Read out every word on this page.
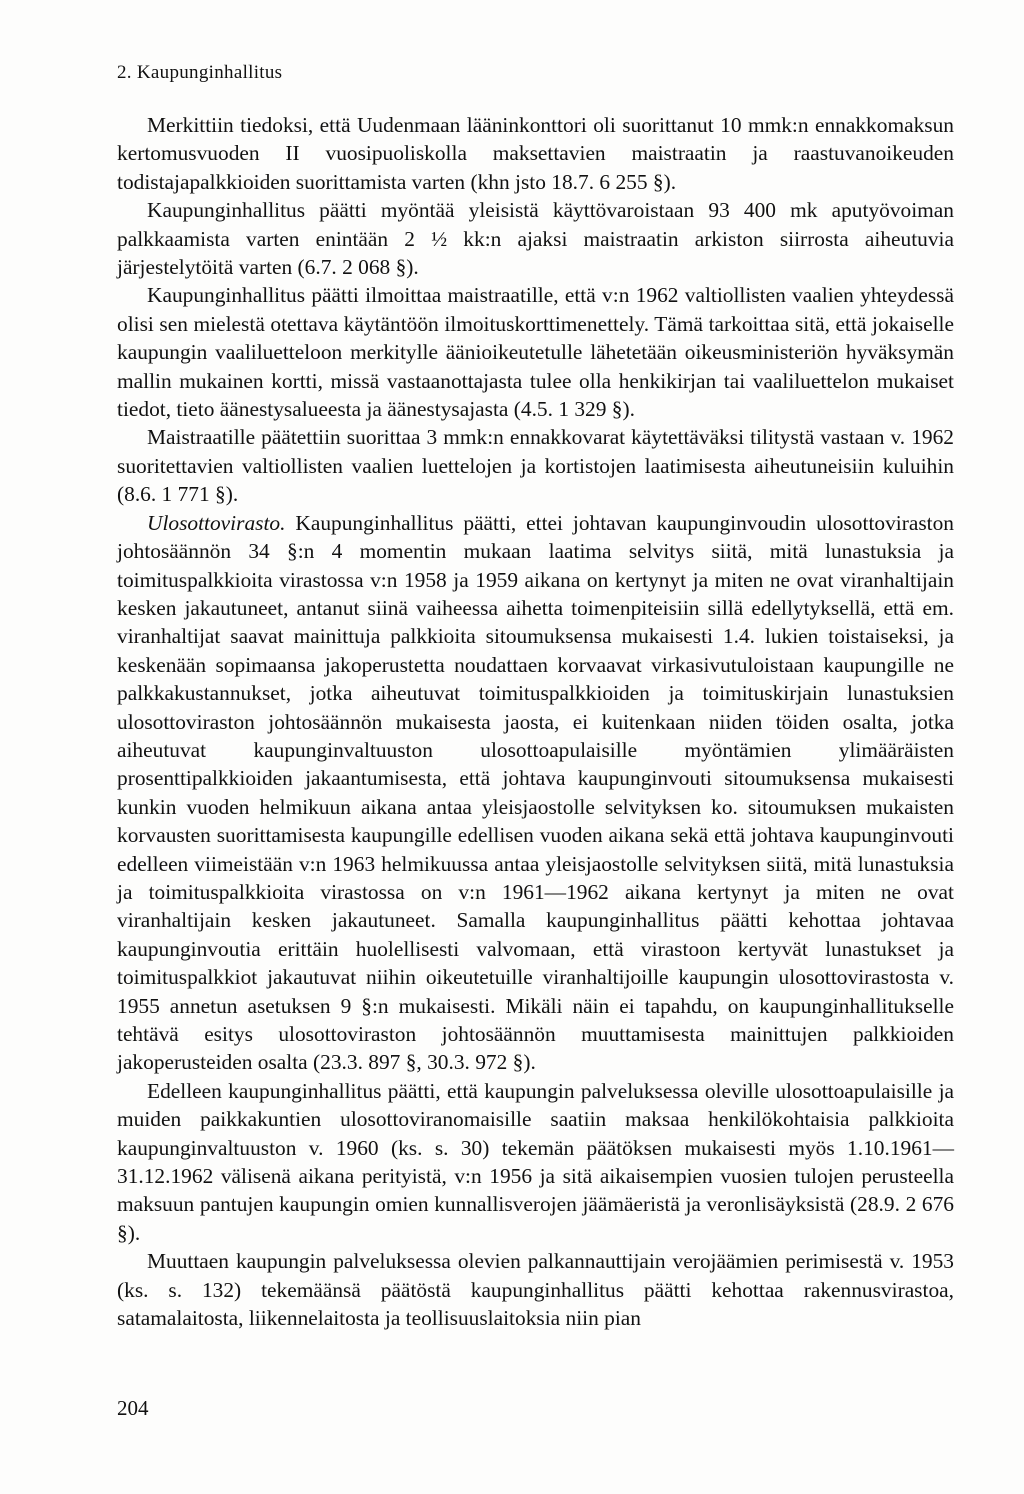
2. Kaupunginhallitus

Merkittiin tiedoksi, että Uudenmaan lääninkonttori oli suorittanut 10 mmk:n ennakkomaksun kertomusvuoden II vuosipuoliskolla maksettavien maistraatin ja raastuvanoikeuden todistajapalkkioiden suorittamista varten (khn jsto 18.7. 6 255 §).

Kaupunginhallitus päätti myöntää yleisistä käyttövaroistaan 93 400 mk aputyövoiman palkkaamista varten enintään 2 ½ kk:n ajaksi maistraatin arkiston siirrosta aiheutuvia järjestelytöitä varten (6.7. 2 068 §).

Kaupunginhallitus päätti ilmoittaa maistraatille, että v:n 1962 valtiollisten vaalien yhteydessä olisi sen mielestä otettava käytäntöön ilmoituskorttimenettely. Tämä tarkoittaa sitä, että jokaiselle kaupungin vaaliluetteloon merkitylle äänioikeutetulle lähetetään oikeusministeriön hyväksymän mallin mukainen kortti, missä vastaanottajasta tulee olla henkikirjan tai vaaliluettelon mukaiset tiedot, tieto äänestysalueesta ja äänestysajasta (4.5. 1 329 §).

Maistraatille päätettiin suorittaa 3 mmk:n ennakkovarat käytettäväksi tilitystä vastaan v. 1962 suoritettavien valtiollisten vaalien luettelojen ja kortistojen laatimisesta aiheutuneisiin kuluihin (8.6. 1 771 §).

Ulosottovirasto. Kaupunginhallitus päätti, ettei johtavan kaupunginvoudin ulosottoviraston johtosäännön 34 §:n 4 momentin mukaan laatima selvitys siitä, mitä lunastuksia ja toimituspalkkioita virastossa v:n 1958 ja 1959 aikana on kertynyt ja miten ne ovat viranhaltijain kesken jakautuneet, antanut siinä vaiheessa aihetta toimenpiteisiin sillä edellytyksellä, että em. viranhaltijat saavat mainittuja palkkioita sitoumuksensa mukaisesti 1.4. lukien toistaiseksi, ja keskenään sopimaansa jakoperustetta noudattaen korvaavat virkasivutuloistaan kaupungille ne palkkakustannukset, jotka aiheutuvat toimituspalkkioiden ja toimituskirjain lunastuksien ulosottoviraston johtosäännön mukaisesta jaosta, ei kuitenkaan niiden töiden osalta, jotka aiheutuvat kaupunginvaltuuston ulosottoapulaisille myöntämien ylimääräisten prosenttipalkkioiden jakaantumisesta, että johtava kaupunginvouti sitoumuksensa mukaisesti kunkin vuoden helmikuun aikana antaa yleisjaostolle selvityksen ko. sitoumuksen mukaisten korvausten suorittamisesta kaupungille edellisen vuoden aikana sekä että johtava kaupunginvouti edelleen viimeistään v:n 1963 helmikuussa antaa yleisjaostolle selvityksen siitä, mitä lunastuksia ja toimituspalkkioita virastossa on v:n 1961—1962 aikana kertynyt ja miten ne ovat viranhaltijain kesken jakautuneet. Samalla kaupunginhallitus päätti kehottaa johtavaa kaupunginvoutia erittäin huolellisesti valvomaan, että virastoon kertyvät lunastukset ja toimituspalkkiot jakautuvat niihin oikeutetuille viranhaltijoille kaupungin ulosottovirastosta v. 1955 annetun asetuksen 9 §:n mukaisesti. Mikäli näin ei tapahdu, on kaupunginhallitukselle tehtävä esitys ulosottoviraston johtosäännön muuttamisesta mainittujen palkkioiden jakoperusteiden osalta (23.3. 897 §, 30.3. 972 §).

Edelleen kaupunginhallitus päätti, että kaupungin palveluksessa oleville ulosottoapulaisille ja muiden paikkakuntien ulosottoviranomaisille saatiin maksaa henkilökohtaisia palkkioita kaupunginvaltuuston v. 1960 (ks. s. 30) tekemän päätöksen mukaisesti myös 1.10.1961—31.12.1962 välisenä aikana perityistä, v:n 1956 ja sitä aikaisempien vuosien tulojen perusteella maksuun pantujen kaupungin omien kunnallisverojen jäämäeristä ja veronlisäyksistä (28.9. 2 676 §).

Muuttaen kaupungin palveluksessa olevien palkannauttijain verojäämien perimisestä v. 1953 (ks. s. 132) tekemäänsä päätöstä kaupunginhallitus päätti kehottaa rakennusvirastoa, satamalaitosta, liikennelaitosta ja teollisuuslaitoksia niin pian

204
